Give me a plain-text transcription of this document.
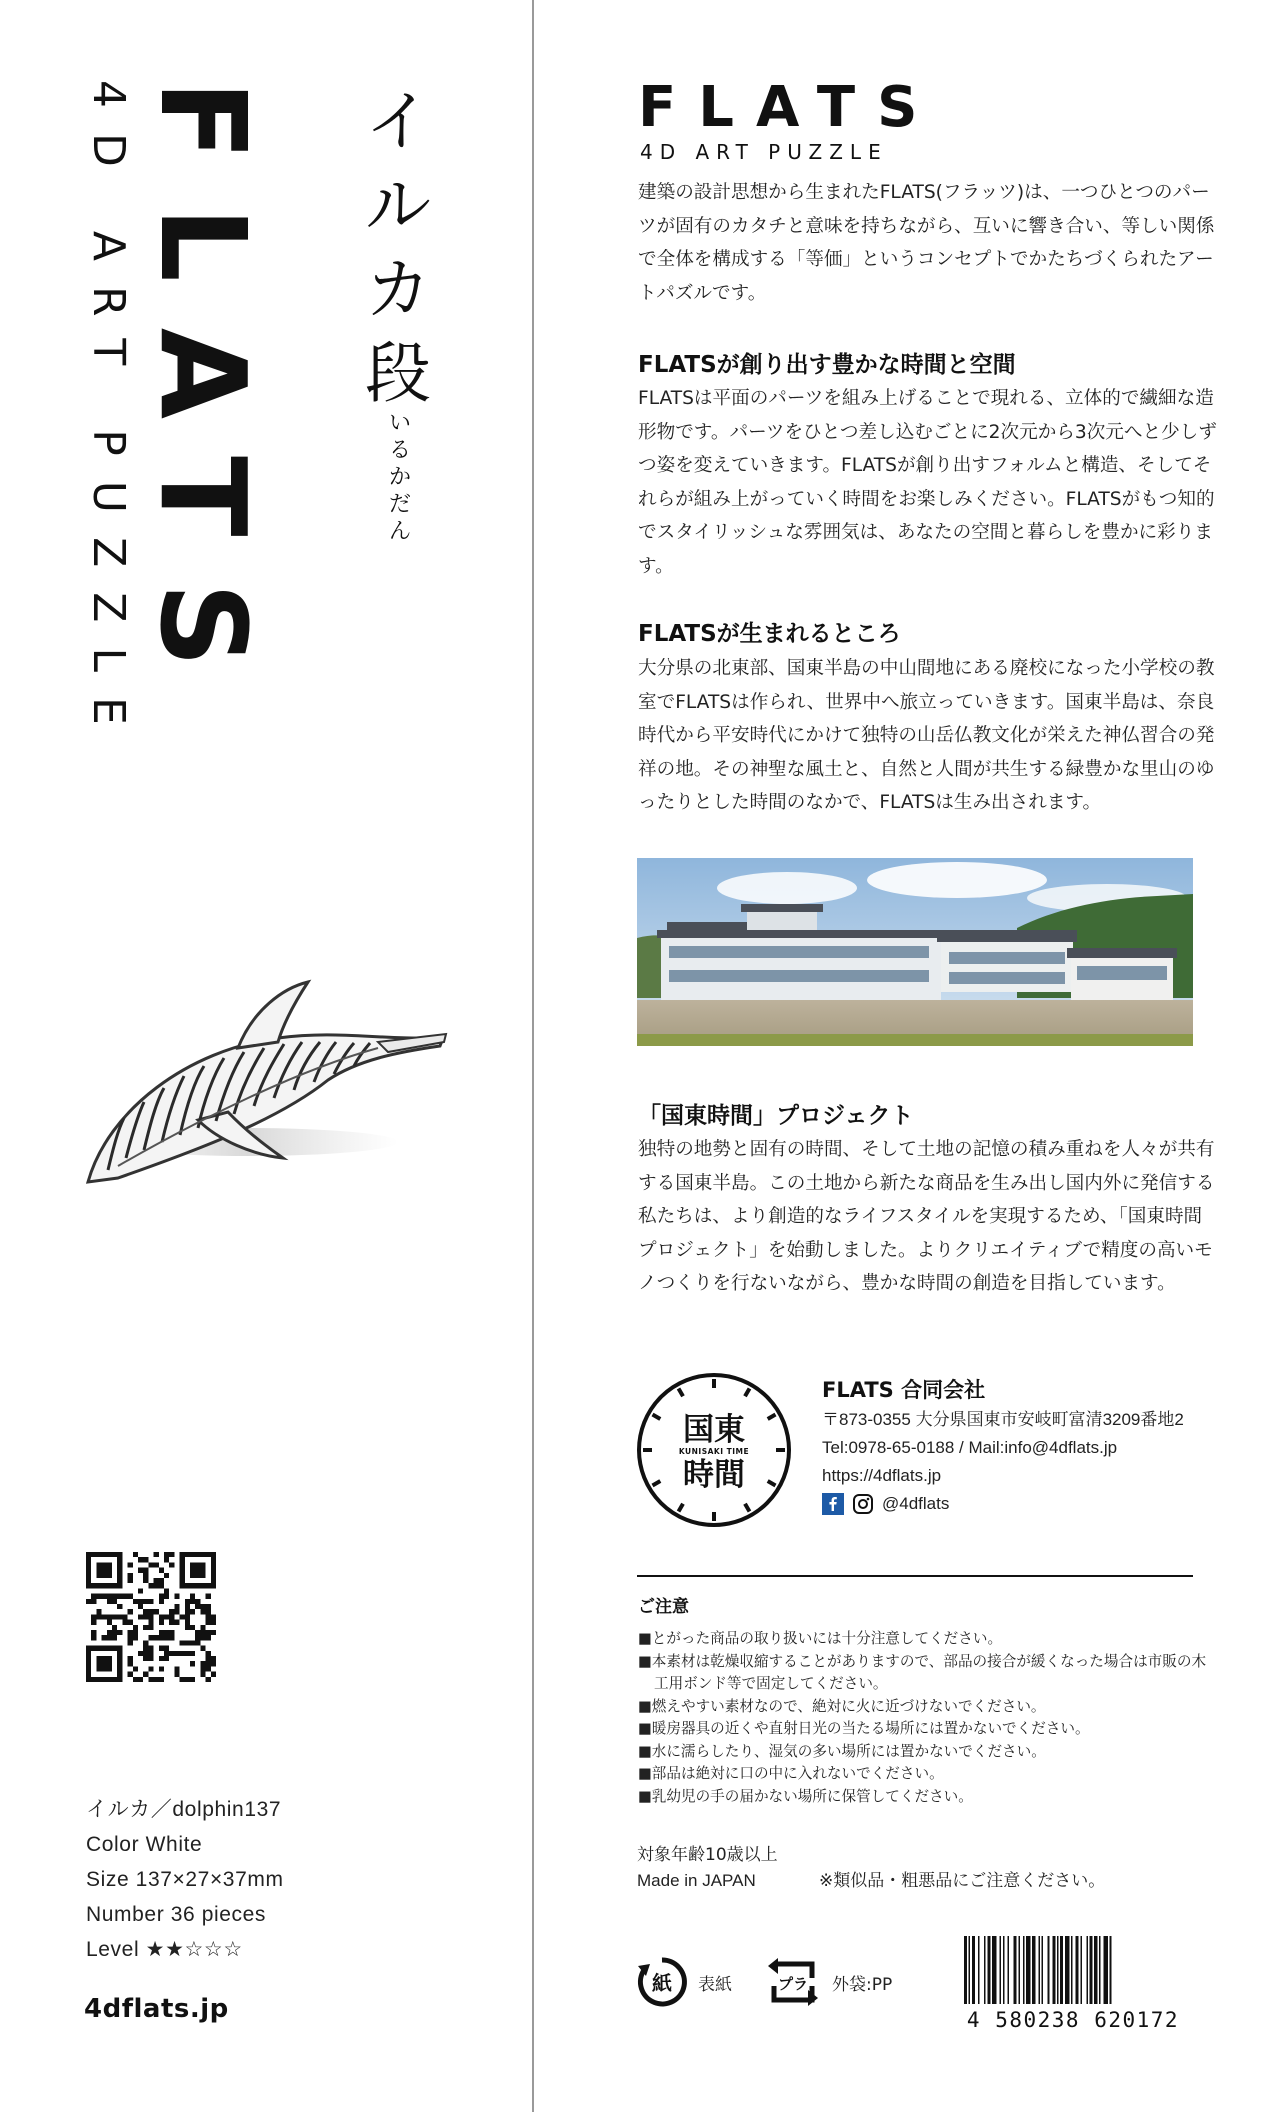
FLATS
4D ART PUZZLE	イ
ル
カ
段
い
る
か
だ
ん
イルカ／dolphin137
Color White
Size 137×27×37mm
Number 36 pieces
Level ★★☆☆☆
4dflats.jp
FLATS
4D ART PUZZLE
建築の設計思想から生まれたFLATS(フラッツ)は、一つひとつのパーツが固有のカタチと意味を持ちながら、互いに響き合い、等しい関係で全体を構成する「等価」というコンセプトでかたちづくられたアートパズルです。
FLATSが創り出す豊かな時間と空間
FLATSは平面のパーツを組み上げることで現れる、立体的で繊細な造形物です。パーツをひとつ差し込むごとに2次元から3次元へと少しずつ姿を変えていきます。FLATSが創り出すフォルムと構造、そしてそれらが組み上がっていく時間をお楽しみください。FLATSがもつ知的でスタイリッシュな雰囲気は、あなたの空間と暮らしを豊かに彩ります。
FLATSが生まれるところ
大分県の北東部、国東半島の中山間地にある廃校になった小学校の教室でFLATSは作られ、世界中へ旅立っていきます。国東半島は、奈良時代から平安時代にかけて独特の山岳仏教文化が栄えた神仏習合の発祥の地。その神聖な風土と、自然と人間が共生する緑豊かな里山のゆったりとした時間のなかで、FLATSは生み出されます。
「国東時間」プロジェクト
独特の地勢と固有の時間、そして土地の記憶の積み重ねを人々が共有する国東半島。この土地から新たな商品を生み出し国内外に発信する私たちは、より創造的なライフスタイルを実現するため、「国東時間プロジェクト」を始動しました。よりクリエイティブで精度の高いモノつくりを行ないながら、豊かな時間の創造を目指しています。
国東
KUNISAKI TIME
時間
FLATS 合同会社
〒873-0355 大分県国東市安岐町富清3209番地2
Tel:0978-65-0188 / Mail:info@4dflats.jp
https://4dflats.jp
@4dflats
ご注意
■とがった商品の取り扱いには十分注意してください。
■本素材は乾燥収縮することがありますので、部品の接合が緩くなった場合は市販の木工用ボンド等で固定してください。
■燃えやすい素材なので、絶対に火に近づけないでください。
■暖房器具の近くや直射日光の当たる場所には置かないでください。
■水に濡らしたり、湿気の多い場所には置かないでください。
■部品は絶対に口の中に入れないでください。
■乳幼児の手の届かない場所に保管してください。
対象年齢10歳以上
Made in JAPAN	※類似品・粗悪品にご注意ください。
紙 表紙	プラ 外袋:PP
4 580238 620172
